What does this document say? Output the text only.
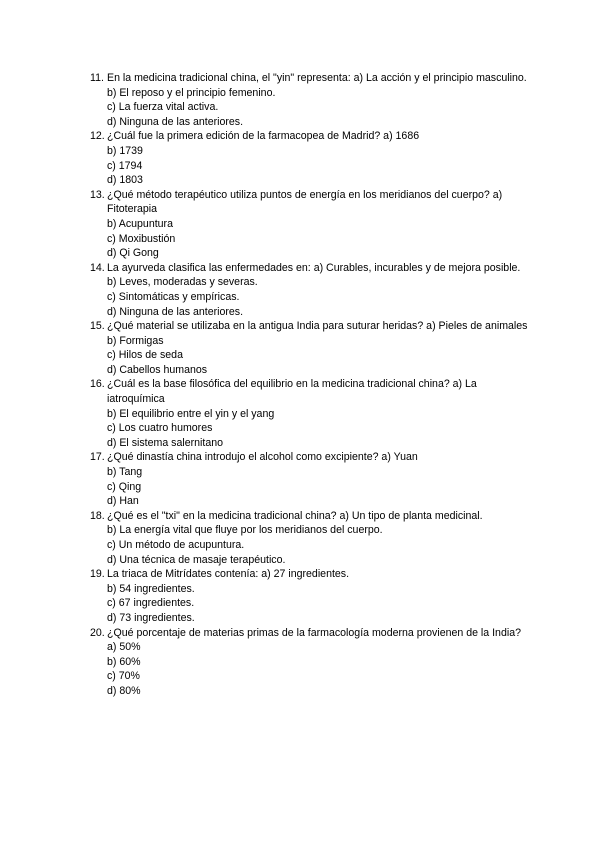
11. En la medicina tradicional china, el "yin" representa: a) La acción y el principio masculino.
b) El reposo y el principio femenino.
c) La fuerza vital activa.
d) Ninguna de las anteriores.
12. ¿Cuál fue la primera edición de la farmacopea de Madrid? a) 1686
b) 1739
c) 1794
d) 1803
13. ¿Qué método terapéutico utiliza puntos de energía en los meridianos del cuerpo? a) Fitoterapia
b) Acupuntura
c) Moxibustión
d) Qi Gong
14. La ayurveda clasifica las enfermedades en: a) Curables, incurables y de mejora posible.
b) Leves, moderadas y severas.
c) Sintomáticas y empíricas.
d) Ninguna de las anteriores.
15. ¿Qué material se utilizaba en la antigua India para suturar heridas? a) Pieles de animales
b) Formigas
c) Hilos de seda
d) Cabellos humanos
16. ¿Cuál es la base filosófica del equilibrio en la medicina tradicional china? a) La iatroquímica
b) El equilibrio entre el yin y el yang
c) Los cuatro humores
d) El sistema salernitano
17. ¿Qué dinastía china introdujo el alcohol como excipiente? a) Yuan
b) Tang
c) Qing
d) Han
18. ¿Qué es el "txi" en la medicina tradicional china? a) Un tipo de planta medicinal.
b) La energía vital que fluye por los meridianos del cuerpo.
c) Un método de acupuntura.
d) Una técnica de masaje terapéutico.
19. La triaca de Mitrídates contenía: a) 27 ingredientes.
b) 54 ingredientes.
c) 67 ingredientes.
d) 73 ingredientes.
20. ¿Qué porcentaje de materias primas de la farmacología moderna provienen de la India? a) 50%
b) 60%
c) 70%
d) 80%
